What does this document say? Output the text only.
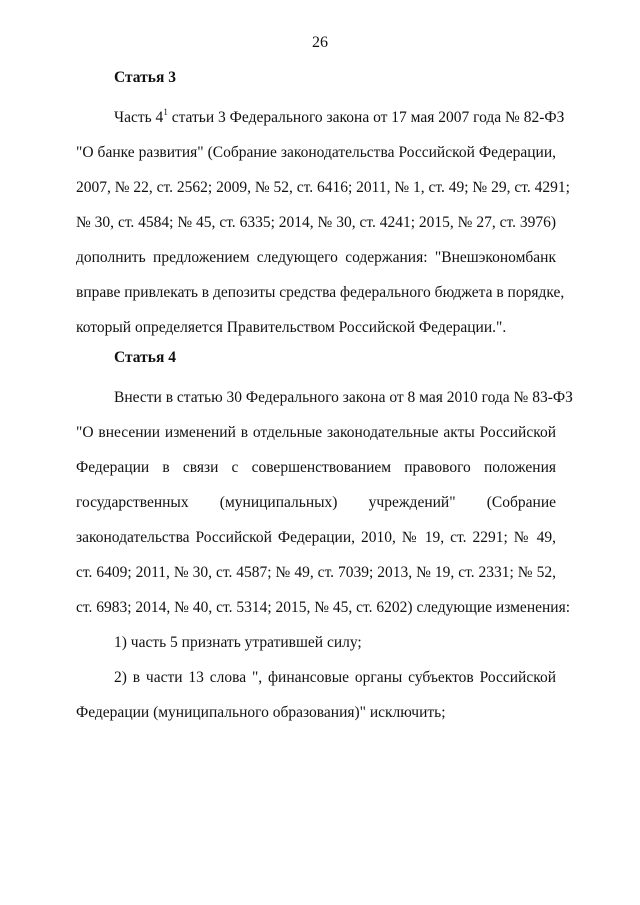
26
Статья 3
Часть $4^1$ статьи 3 Федерального закона от 17 мая 2007 года № 82-ФЗ
"О банке развития" (Собрание законодательства Российской Федерации,
2007, № 22, ст. 2562; 2009, № 52, ст. 6416; 2011, № 1, ст. 49; № 29, ст. 4291;
№ 30, ст. 4584; № 45, ст. 6335; 2014, № 30, ст. 4241; 2015, № 27, ст. 3976)
дополнить предложением следующего содержания: "Внешэкономбанк
вправе привлекать в депозиты средства федерального бюджета в порядке,
который определяется Правительством Российской Федерации.".
Статья 4
Внести в статью 30 Федерального закона от 8 мая 2010 года № 83-ФЗ
"О внесении изменений в отдельные законодательные акты Российской
Федерации в связи с совершенствованием правового положения
государственных (муниципальных) учреждений" (Собрание
законодательства Российской Федерации, 2010, № 19, ст. 2291; № 49,
ст. 6409; 2011, № 30, ст. 4587; № 49, ст. 7039; 2013, № 19, ст. 2331; № 52,
ст. 6983; 2014, № 40, ст. 5314; 2015, № 45, ст. 6202) следующие изменения:
1) часть 5 признать утратившей силу;
2) в части 13 слова ", финансовые органы субъектов Российской
Федерации (муниципального образования)" исключить;
